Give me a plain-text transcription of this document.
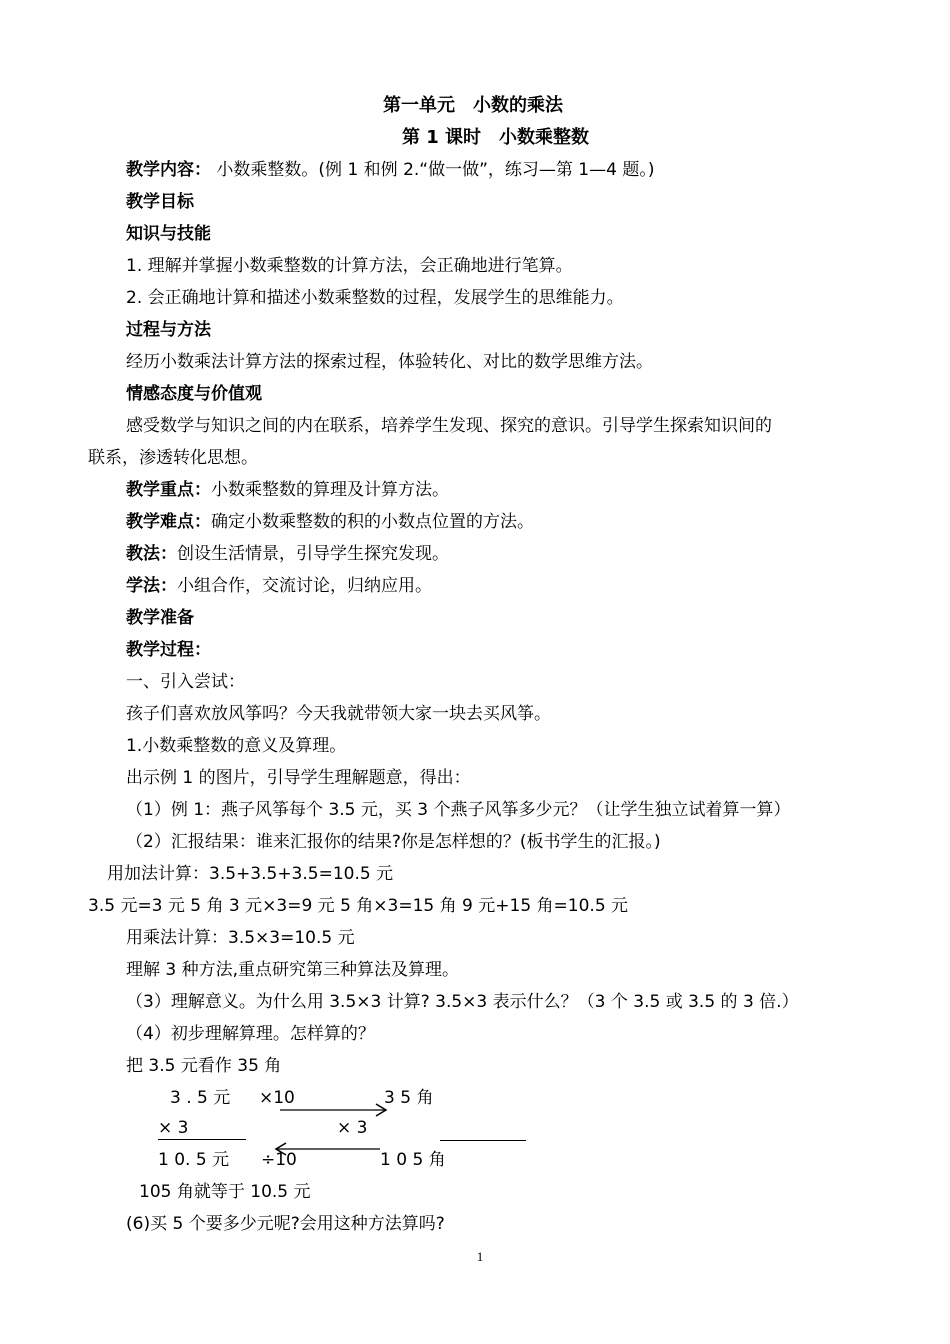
第一单元　小数的乘法
第 1 课时　小数乘整数
教学内容： 小数乘整数。(例 1 和例 2.“做一做”，练习—第 1—4 题。)
教学目标
知识与技能
1. 理解并掌握小数乘整数的计算方法，会正确地进行笔算。
2. 会正确地计算和描述小数乘整数的过程，发展学生的思维能力。
过程与方法
经历小数乘法计算方法的探索过程，体验转化、对比的数学思维方法。
情感态度与价值观
感受数学与知识之间的内在联系，培养学生发现、探究的意识。引导学生探索知识间的
联系，渗透转化思想。
教学重点：小数乘整数的算理及计算方法。
教学难点：确定小数乘整数的积的小数点位置的方法。
教法：创设生活情景，引导学生探究发现。
学法：小组合作，交流讨论，归纳应用。
教学准备
教学过程：
一、引入尝试：
孩子们喜欢放风筝吗？今天我就带领大家一块去买风筝。
1.小数乘整数的意义及算理。
出示例 1 的图片，引导学生理解题意，得出：
（1）例 1：燕子风筝每个 3.5 元，买 3 个燕子风筝多少元？（让学生独立试着算一算）
（2）汇报结果：谁来汇报你的结果?你是怎样想的？(板书学生的汇报。)
用加法计算：3.5+3.5+3.5=10.5 元
3.5 元=3 元 5 角 3 元×3=9 元 5 角×3=15 角 9 元+15 角=10.5 元
用乘法计算：3.5×3=10.5 元
理解 3 种方法,重点研究第三种算法及算理。
（3）理解意义。为什么用 3.5×3 计算? 3.5×3 表示什么？（3 个 3.5 或 3.5 的 3 倍.）
（4）初步理解算理。怎样算的？
把 3.5 元看作 35 角
3 . 5 元 ×10	3 5 角
× 3	× 3
1 0. 5 元 ÷10	1 0 5 角
105 角就等于 10.5 元
(6)买 5 个要多少元呢?会用这种方法算吗?
1
